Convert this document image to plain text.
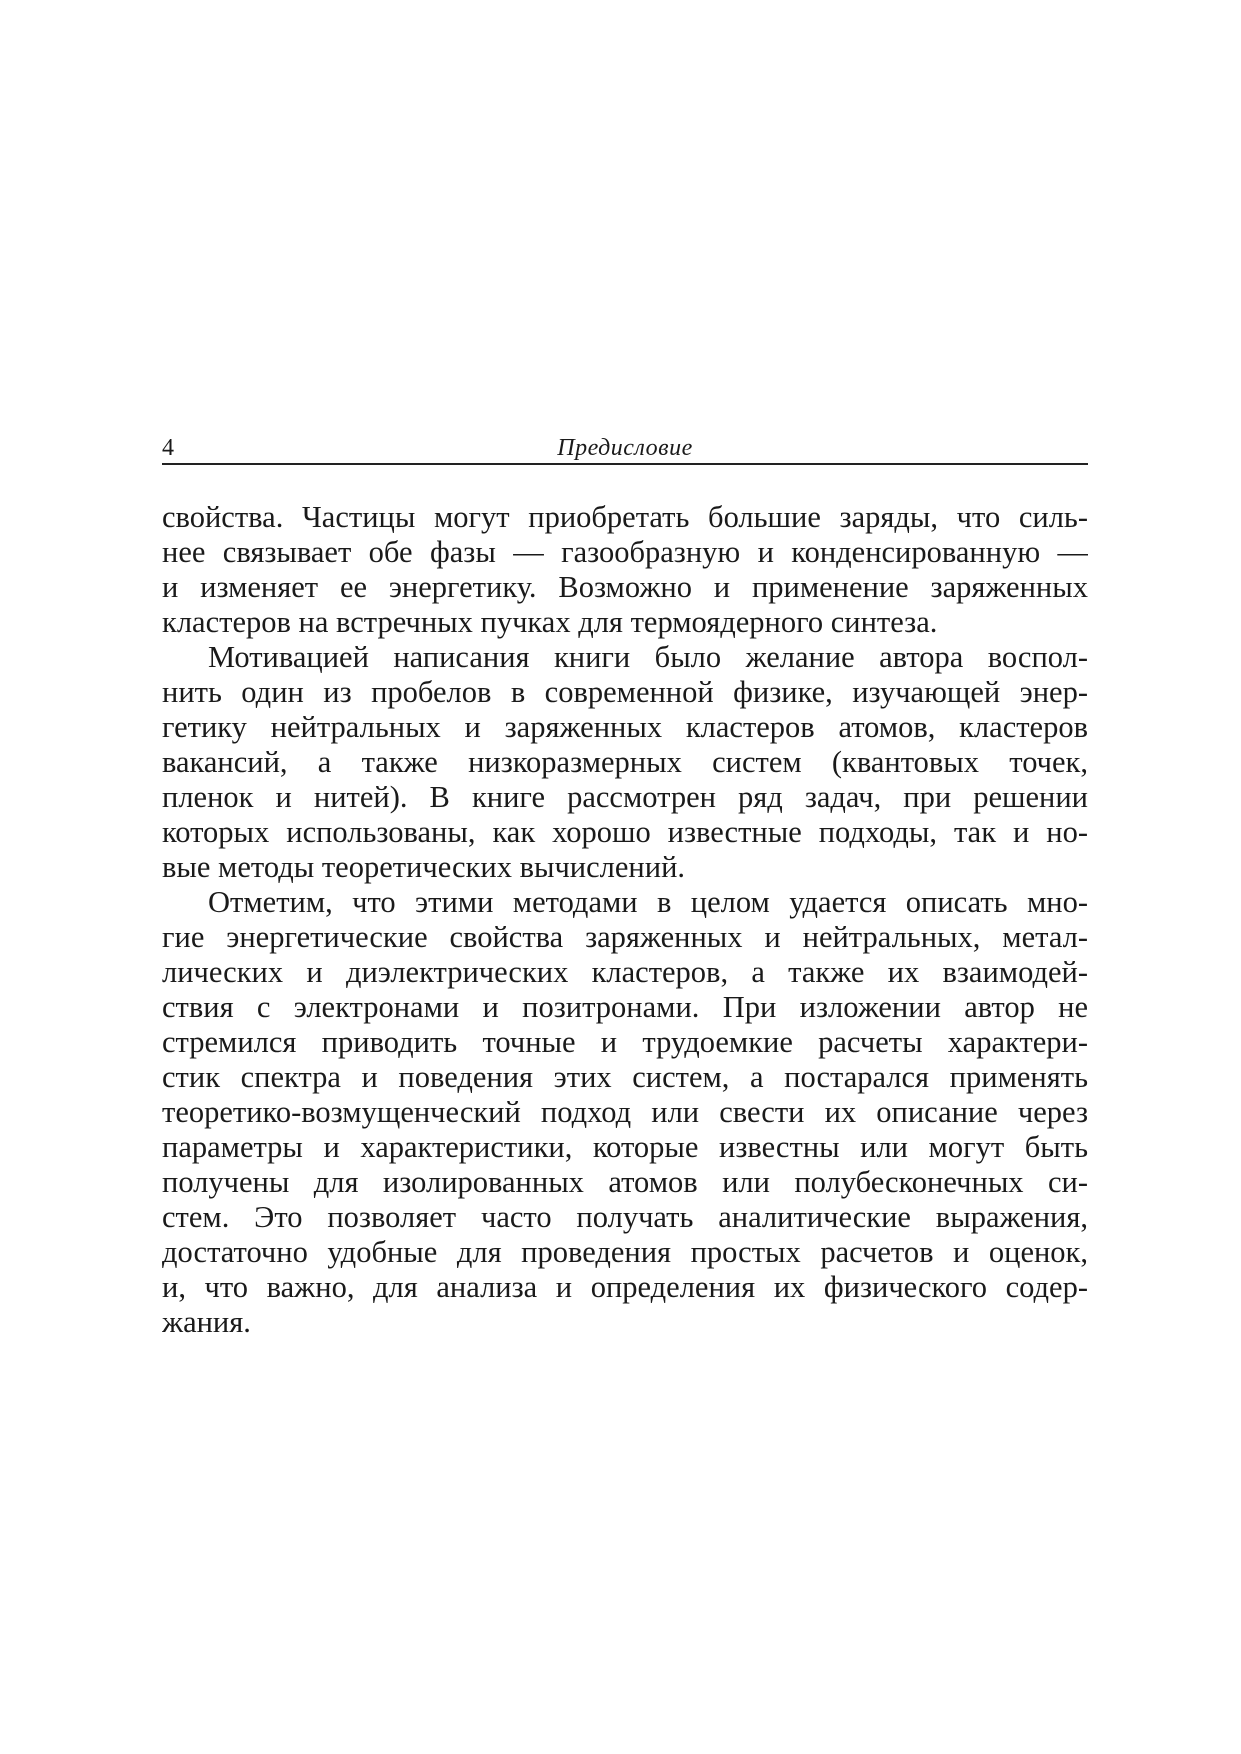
4	Предисловие
свойства. Частицы могут приобретать большие заряды, что силь-
нее связывает обе фазы — газообразную и конденсированную —
и изменяет ее энергетику. Возможно и применение заряженных
кластеров на встречных пучках для термоядерного синтеза.
Мотивацией написания книги было желание автора воспол-
нить один из пробелов в современной физике, изучающей энер-
гетику нейтральных и заряженных кластеров атомов, кластеров
вакансий, а также низкоразмерных систем (квантовых точек,
пленок и нитей). В книге рассмотрен ряд задач, при решении
которых использованы, как хорошо известные подходы, так и но-
вые методы теоретических вычислений.
Отметим, что этими методами в целом удается описать мно-
гие энергетические свойства заряженных и нейтральных, метал-
лических и диэлектрических кластеров, а также их взаимодей-
ствия с электронами и позитронами. При изложении автор не
стремился приводить точные и трудоемкие расчеты характери-
стик спектра и поведения этих систем, а постарался применять
теоретико-возмущенческий подход или свести их описание через
параметры и характеристики, которые известны или могут быть
получены для изолированных атомов или полубесконечных си-
стем. Это позволяет часто получать аналитические выражения,
достаточно удобные для проведения простых расчетов и оценок,
и, что важно, для анализа и определения их физического содер-
жания.
